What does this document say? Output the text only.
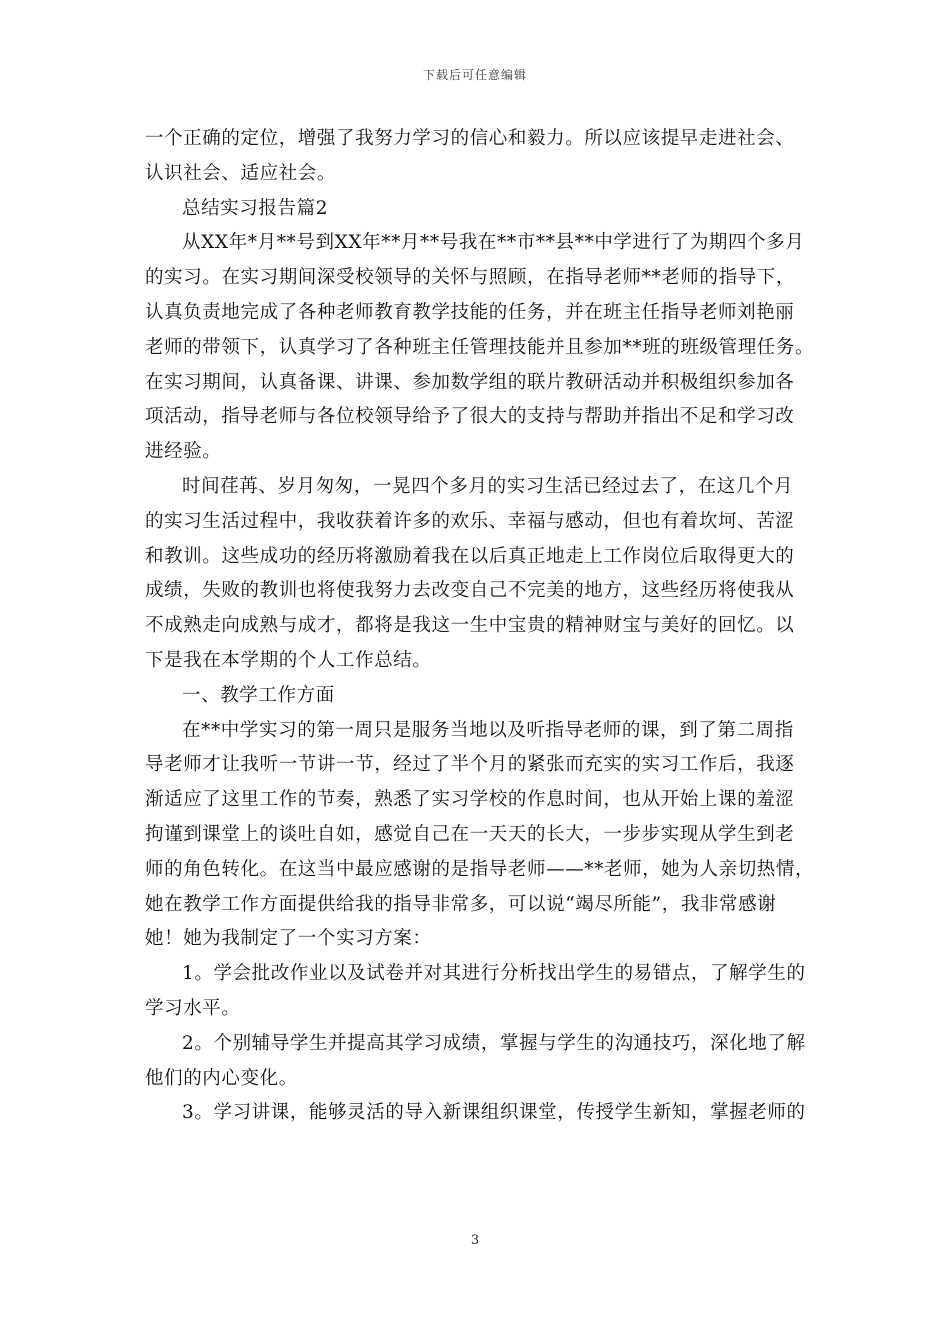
下载后可任意编辑
一个正确的定位，增强了我努力学习的信心和毅力。所以应该提早走进社会、
认识社会、适应社会。
总结实习报告篇2
从XX年*月**号到XX年**月**号我在**市**县**中学进行了为期四个多月
的实习。在实习期间深受校领导的关怀与照顾，在指导老师**老师的指导下，
认真负责地完成了各种老师教育教学技能的任务，并在班主任指导老师刘艳丽
老师的带领下，认真学习了各种班主任管理技能并且参加**班的班级管理任务。
在实习期间，认真备课、讲课、参加数学组的联片教研活动并积极组织参加各
项活动，指导老师与各位校领导给予了很大的支持与帮助并指出不足和学习改
进经验。
时间荏苒、岁月匆匆，一晃四个多月的实习生活已经过去了，在这几个月
的实习生活过程中，我收获着许多的欢乐、幸福与感动，但也有着坎坷、苦涩
和教训。这些成功的经历将激励着我在以后真正地走上工作岗位后取得更大的
成绩，失败的教训也将使我努力去改变自己不完美的地方，这些经历将使我从
不成熟走向成熟与成才，都将是我这一生中宝贵的精神财宝与美好的回忆。以
下是我在本学期的个人工作总结。
一、教学工作方面
在**中学实习的第一周只是服务当地以及听指导老师的课，到了第二周指
导老师才让我听一节讲一节，经过了半个月的紧张而充实的实习工作后，我逐
渐适应了这里工作的节奏，熟悉了实习学校的作息时间，也从开始上课的羞涩
拘谨到课堂上的谈吐自如，感觉自己在一天天的长大，一步步实现从学生到老
师的角色转化。在这当中最应感谢的是指导老师——**老师，她为人亲切热情，
她在教学工作方面提供给我的指导非常多，可以说“竭尽所能”，我非常感谢
她！她为我制定了一个实习方案：
1。学会批改作业以及试卷并对其进行分析找出学生的易错点，了解学生的
学习水平。
2。个别辅导学生并提高其学习成绩，掌握与学生的沟通技巧，深化地了解
他们的内心变化。
3。学习讲课，能够灵活的导入新课组织课堂，传授学生新知，掌握老师的
3
